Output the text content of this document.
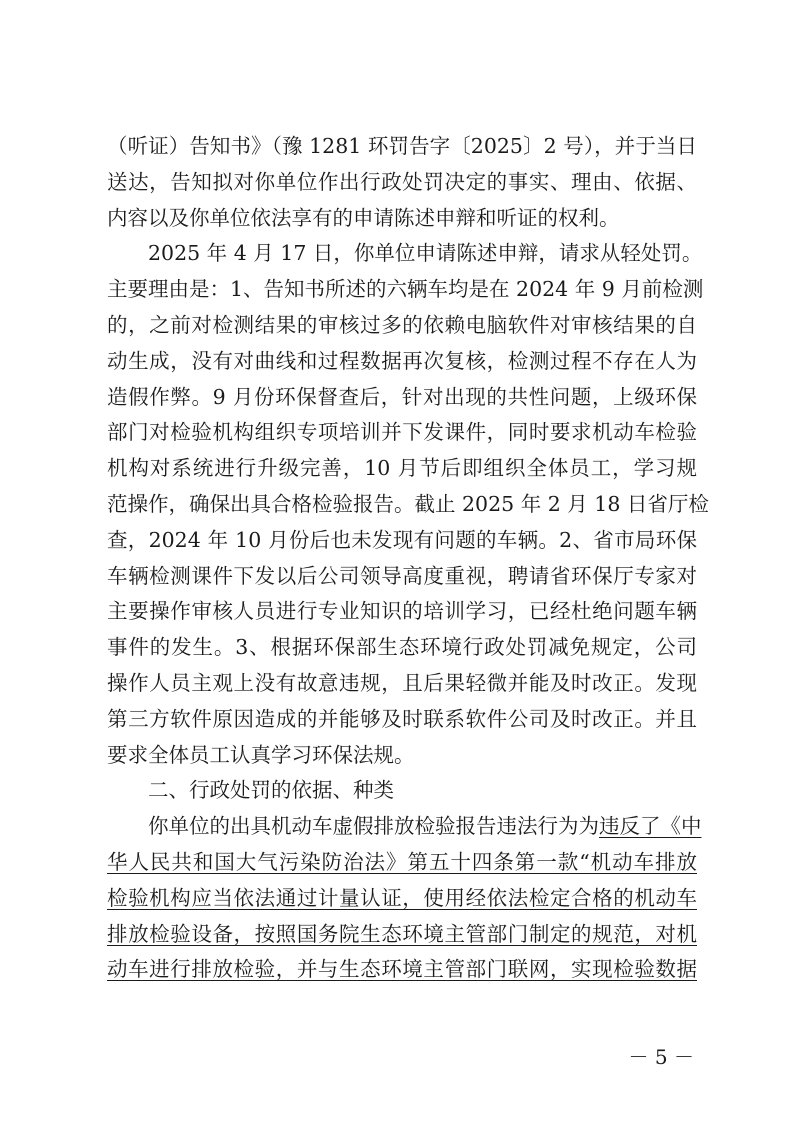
（听证）告知书》（豫 1281 环罚告字〔2025〕2 号），并于当日
送达，告知拟对你单位作出行政处罚决定的事实、理由、依据、
内容以及你单位依法享有的申请陈述申辩和听证的权利。
2025 年 4 月 17 日，你单位申请陈述申辩，请求从轻处罚。
主要理由是：1、告知书所述的六辆车均是在 2024 年 9 月前检测
的，之前对检测结果的审核过多的依赖电脑软件对审核结果的自
动生成，没有对曲线和过程数据再次复核，检测过程不存在人为
造假作弊。9 月份环保督查后，针对出现的共性问题，上级环保
部门对检验机构组织专项培训并下发课件，同时要求机动车检验
机构对系统进行升级完善，10 月节后即组织全体员工，学习规
范操作，确保出具合格检验报告。截止 2025 年 2 月 18 日省厅检
查，2024 年 10 月份后也未发现有问题的车辆。2、省市局环保
车辆检测课件下发以后公司领导高度重视，聘请省环保厅专家对
主要操作审核人员进行专业知识的培训学习，已经杜绝问题车辆
事件的发生。3、根据环保部生态环境行政处罚减免规定，公司
操作人员主观上没有故意违规，且后果轻微并能及时改正。发现
第三方软件原因造成的并能够及时联系软件公司及时改正。并且
要求全体员工认真学习环保法规。
二、行政处罚的依据、种类
你单位的出具机动车虚假排放检验报告违法行为为违反了《中
华人民共和国大气污染防治法》第五十四条第一款“机动车排放
检验机构应当依法通过计量认证，使用经依法检定合格的机动车
排放检验设备，按照国务院生态环境主管部门制定的规范，对机
动车进行排放检验，并与生态环境主管部门联网，实现检验数据
－ 5 －
